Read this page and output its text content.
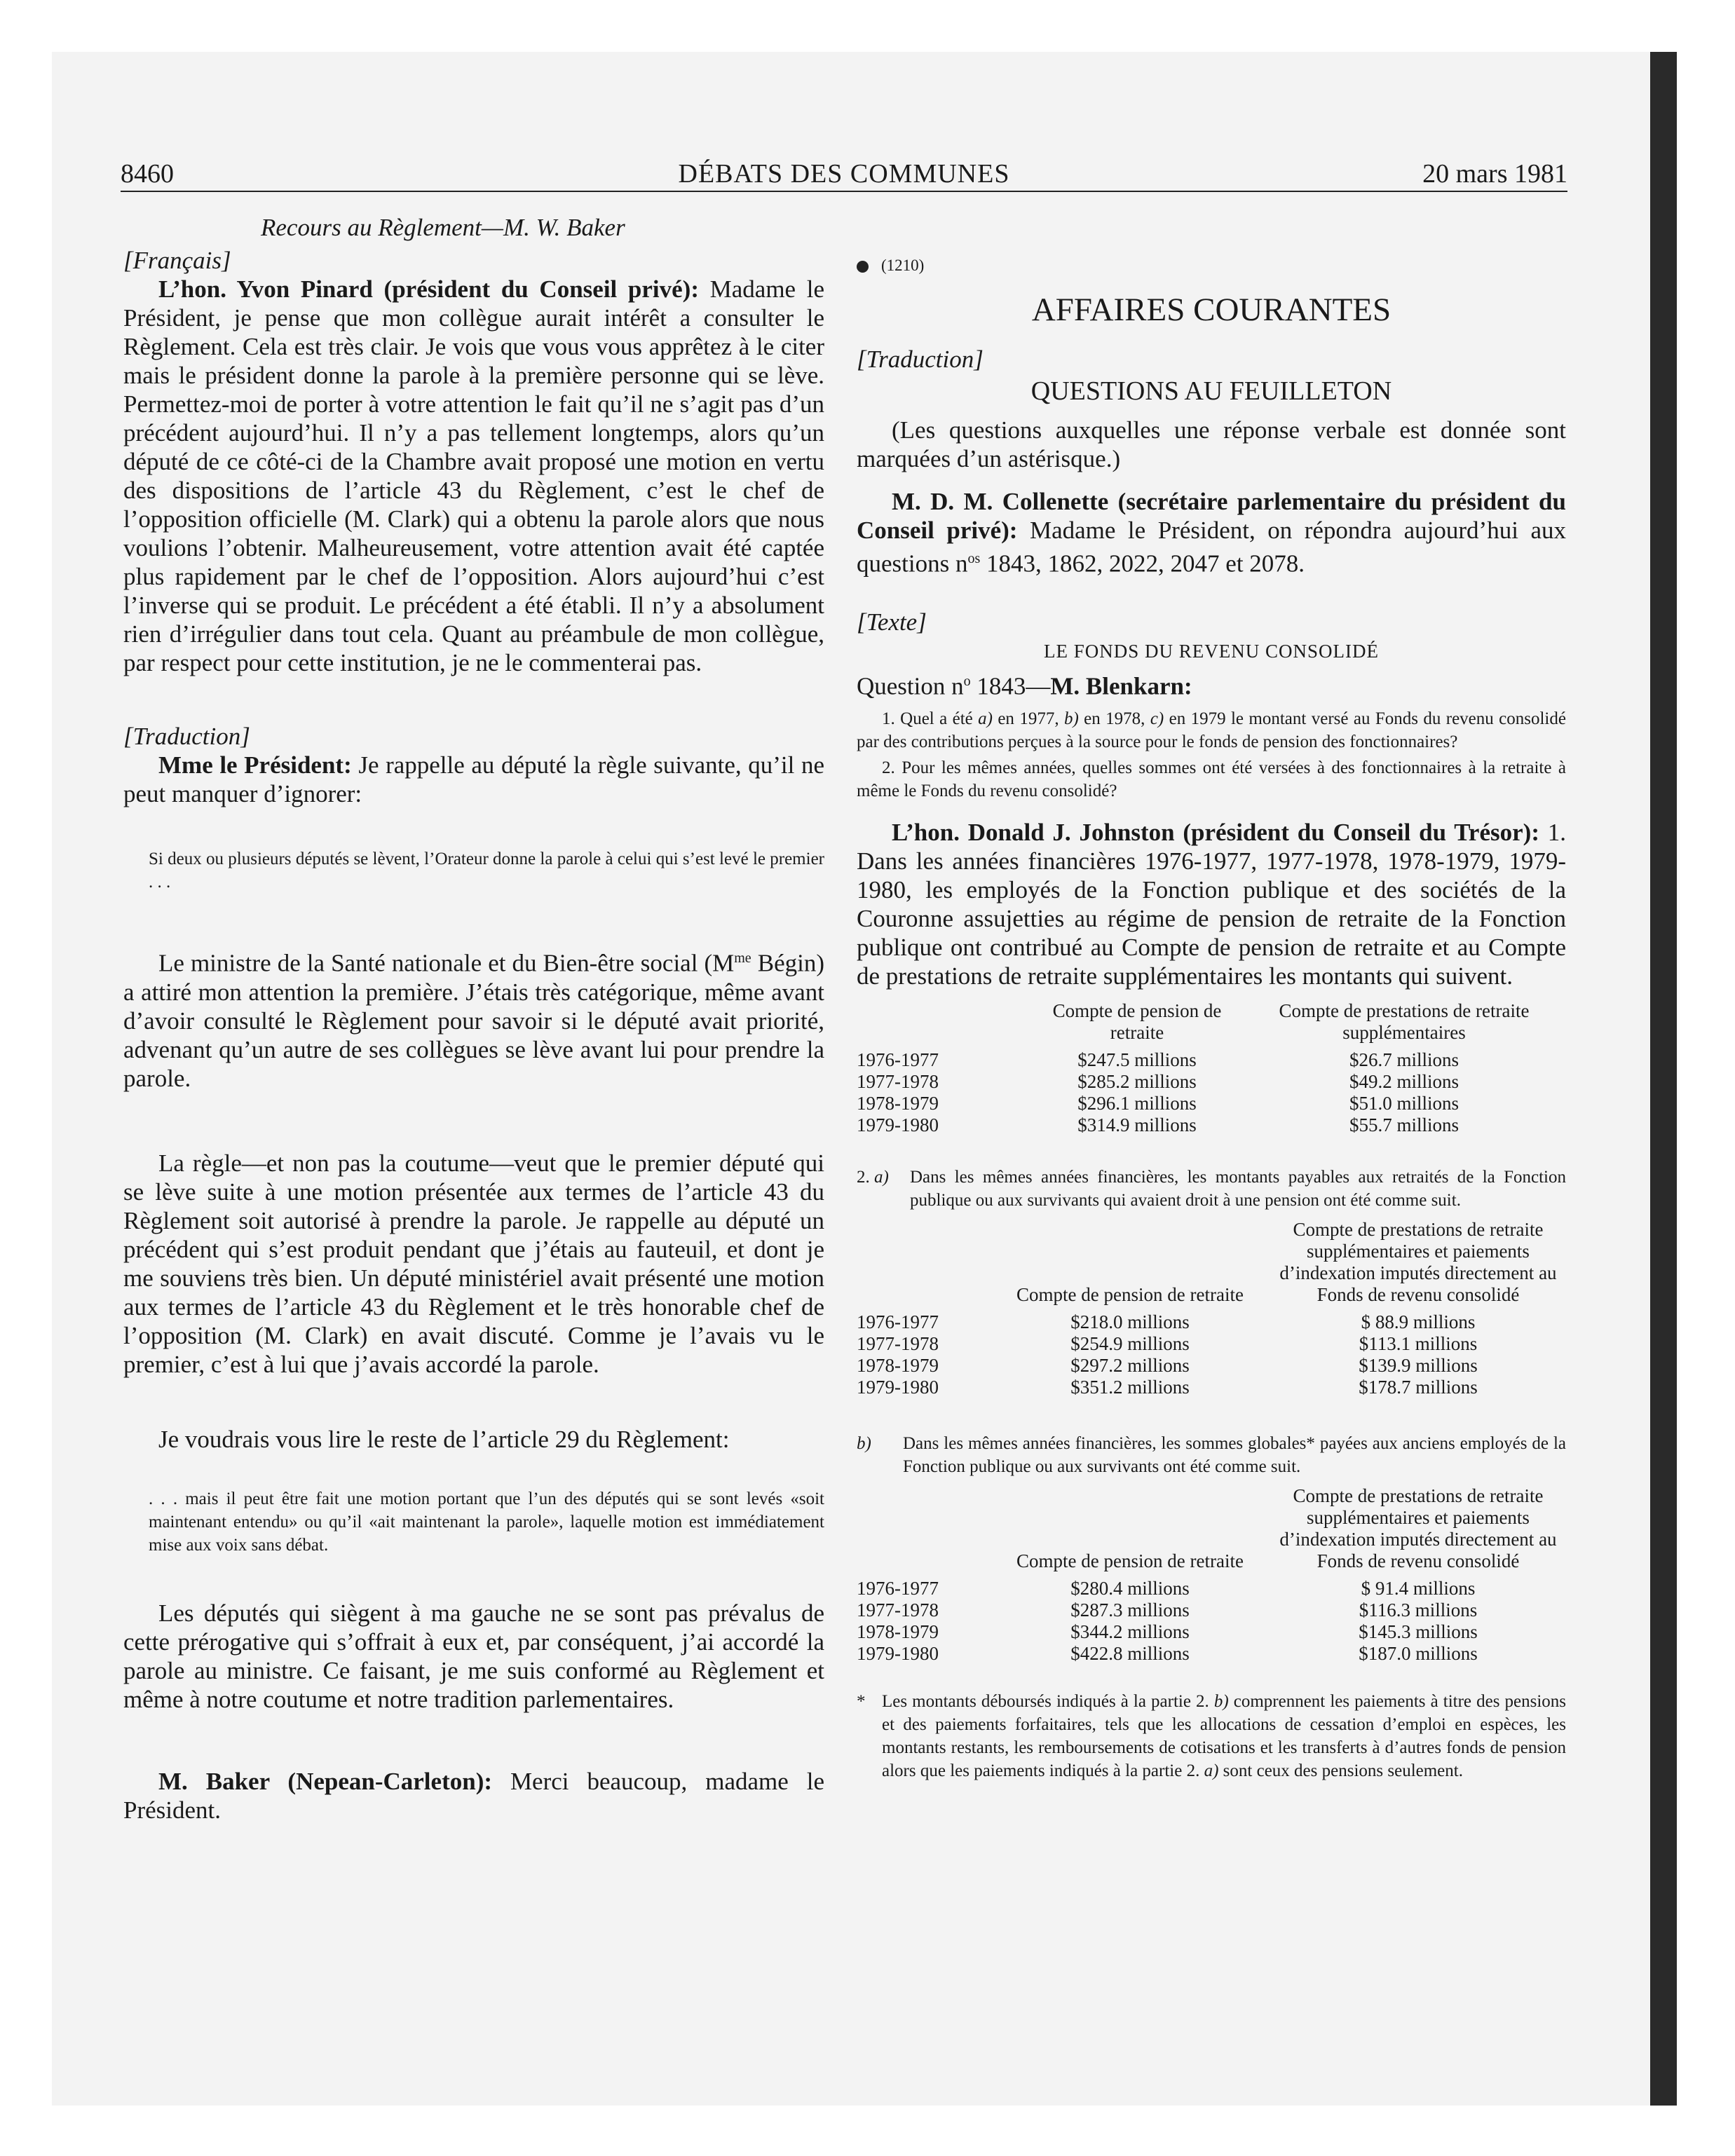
8460	DÉBATS DES COMMUNES	20 mars 1981

Recours au Règlement—M. W. Baker

[Français]

L’hon. Yvon Pinard (président du Conseil privé): Madame le Président, je pense que mon collègue aurait intérêt a consulter le Règlement. Cela est très clair. Je vois que vous vous apprêtez à le citer mais le président donne la parole à la première personne qui se lève. Permettez-moi de porter à votre attention le fait qu’il ne s’agit pas d’un précédent aujourd’hui. Il n’y a pas tellement longtemps, alors qu’un député de ce côté-ci de la Chambre avait proposé une motion en vertu des dispositions de l’article 43 du Règlement, c’est le chef de l’opposition officielle (M. Clark) qui a obtenu la parole alors que nous voulions l’obtenir. Malheureusement, votre attention avait été captée plus rapidement par le chef de l’opposition. Alors aujourd’hui c’est l’inverse qui se produit. Le précédent a été établi. Il n’y a absolument rien d’irrégulier dans tout cela. Quant au préambule de mon collègue, par respect pour cette institution, je ne le commenterai pas.

[Traduction]

Mme le Président: Je rappelle au député la règle suivante, qu’il ne peut manquer d’ignorer:

Si deux ou plusieurs députés se lèvent, l’Orateur donne la parole à celui qui s’est levé le premier . . .

Le ministre de la Santé nationale et du Bien-être social ($M^{me}$ Bégin) a attiré mon attention la première. J’étais très catégorique, même avant d’avoir consulté le Règlement pour savoir si le député avait priorité, advenant qu’un autre de ses collègues se lève avant lui pour prendre la parole.

La règle—et non pas la coutume—veut que le premier député qui se lève suite à une motion présentée aux termes de l’article 43 du Règlement soit autorisé à prendre la parole. Je rappelle au député un précédent qui s’est produit pendant que j’étais au fauteuil, et dont je me souviens très bien. Un député ministériel avait présenté une motion aux termes de l’article 43 du Règlement et le très honorable chef de l’opposition (M. Clark) en avait discuté. Comme je l’avais vu le premier, c’est à lui que j’avais accordé la parole.

Je voudrais vous lire le reste de l’article 29 du Règlement:

. . . mais il peut être fait une motion portant que l’un des députés qui se sont levés «soit maintenant entendu» ou qu’il «ait maintenant la parole», laquelle motion est immédiatement mise aux voix sans débat.

Les députés qui siègent à ma gauche ne se sont pas prévalus de cette prérogative qui s’offrait à eux et, par conséquent, j’ai accordé la parole au ministre. Ce faisant, je me suis conformé au Règlement et même à notre coutume et notre tradition parlementaires.

M. Baker (Nepean-Carleton): Merci beaucoup, madame le Président.

(1210)

AFFAIRES COURANTES

[Traduction]

QUESTIONS AU FEUILLETON

(Les questions auxquelles une réponse verbale est donnée sont marquées d’un astérisque.)

M. D. M. Collenette (secrétaire parlementaire du président du Conseil privé): Madame le Président, on répondra aujourd’hui aux questions $n^{os}$ 1843, 1862, 2022, 2047 et 2078.

[Texte]

LE FONDS DU REVENU CONSOLIDÉ

Question $n^o$ 1843—M. Blenkarn:

1. Quel a été a) en 1977, b) en 1978, c) en 1979 le montant versé au Fonds du revenu consolidé par des contributions perçues à la source pour le fonds de pension des fonctionnaires?

2. Pour les mêmes années, quelles sommes ont été versées à des fonctionnaires à la retraite à même le Fonds du revenu consolidé?

L’hon. Donald J. Johnston (président du Conseil du Trésor): 1. Dans les années financières 1976-1977, 1977-1978, 1978-1979, 1979-1980, les employés de la Fonction publique et des sociétés de la Couronne assujetties au régime de pension de retraite de la Fonction publique ont contribué au Compte de pension de retraite et au Compte de prestations de retraite supplémentaires les montants qui suivent.

	Compte de pension de retraite	Compte de prestations de retraite supplémentaires
1976-1977	$247.5 millions	$26.7 millions
1977-1978	$285.2 millions	$49.2 millions
1978-1979	$296.1 millions	$51.0 millions
1979-1980	$314.9 millions	$55.7 millions

2. a) Dans les mêmes années financières, les montants payables aux retraités de la Fonction publique ou aux survivants qui avaient droit à une pension ont été comme suit.

	Compte de pension de retraite	Compte de prestations de retraite supplémentaires et paiements d’indexation imputés directement au Fonds de revenu consolidé
1976-1977	$218.0 millions	$ 88.9 millions
1977-1978	$254.9 millions	$113.1 millions
1978-1979	$297.2 millions	$139.9 millions
1979-1980	$351.2 millions	$178.7 millions

b) Dans les mêmes années financières, les sommes globales* payées aux anciens employés de la Fonction publique ou aux survivants ont été comme suit.

	Compte de pension de retraite	Compte de prestations de retraite supplémentaires et paiements d’indexation imputés directement au Fonds de revenu consolidé
1976-1977	$280.4 millions	$ 91.4 millions
1977-1978	$287.3 millions	$116.3 millions
1978-1979	$344.2 millions	$145.3 millions
1979-1980	$422.8 millions	$187.0 millions

* Les montants déboursés indiqués à la partie 2. b) comprennent les paiements à titre des pensions et des paiements forfaitaires, tels que les allocations de cessation d’emploi en espèces, les montants restants, les remboursements de cotisations et les transferts à d’autres fonds de pension alors que les paiements indiqués à la partie 2. a) sont ceux des pensions seulement.
